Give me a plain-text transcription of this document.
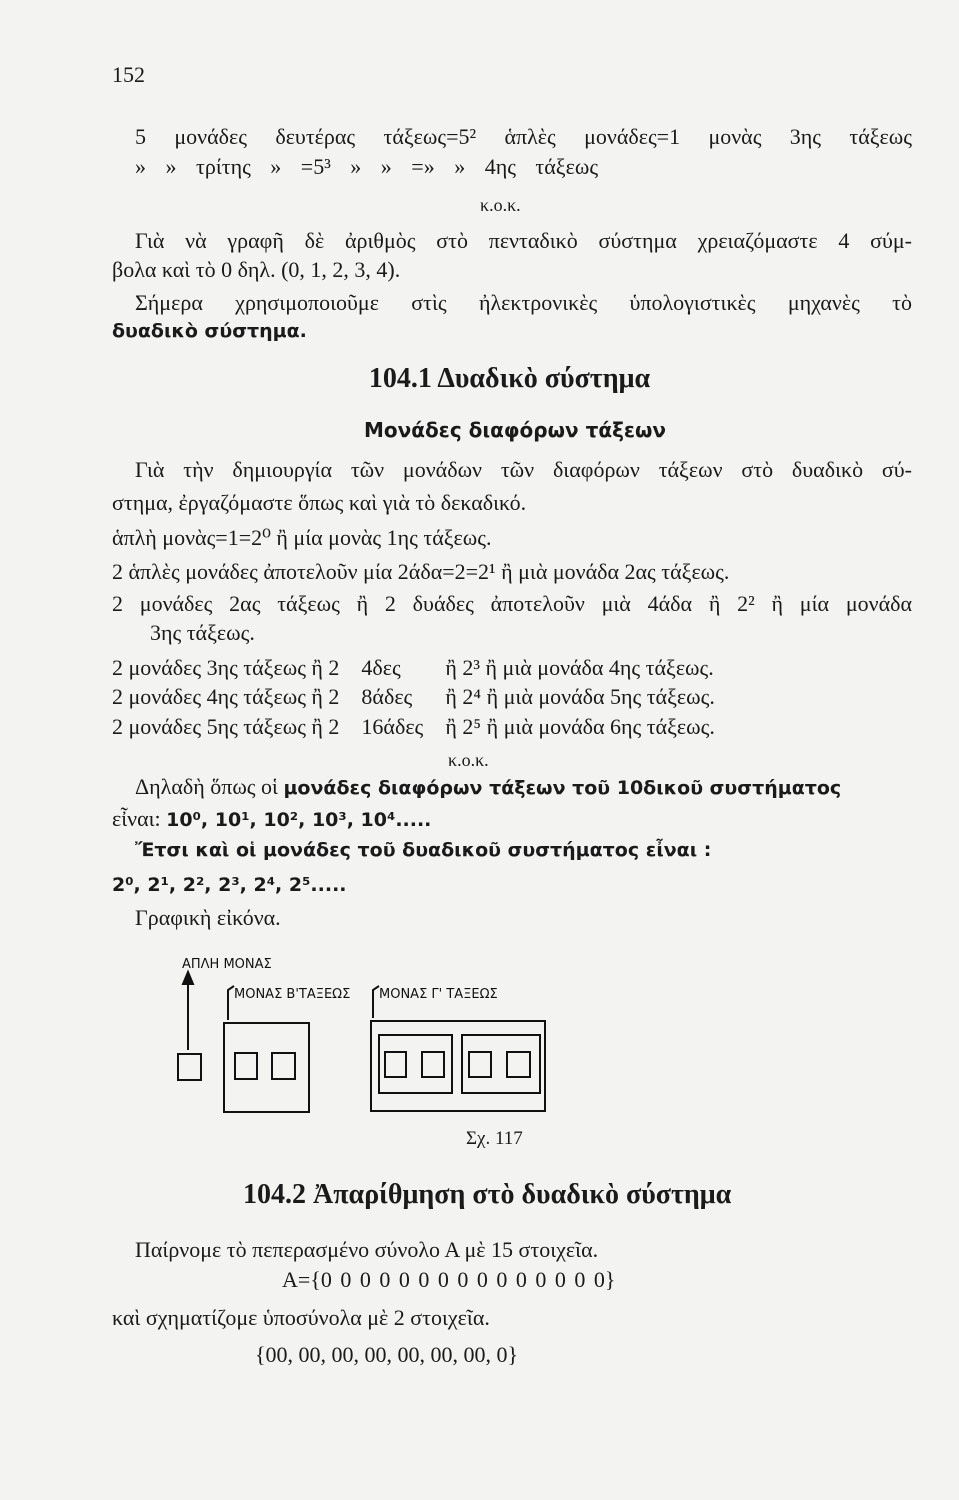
152
5 μονάδες δευτέρας τάξεως=5² ἁπλὲς μονάδες=1 μονὰς 3ης τάξεως
» » τρίτης » =5³ » » =» » 4ης τάξεως
κ.ο.κ.
Γιὰ νὰ γραφῆ δὲ ἀριθμὸς στὸ πενταδικὸ σύστημα χρειαζόμαστε 4 σύμ-
βολα καὶ τὸ 0 δηλ. (0, 1, 2, 3, 4).
Σήμερα χρησιμοποιοῦμε στὶς ἠλεκτρονικὲς ὑπολογιστικὲς μηχανὲς τὸ
δυαδικὸ σύστημα.
104.1 Δυαδικὸ σύστημα
Μονάδες διαφόρων τάξεων
Γιὰ τὴν δημιουργία τῶν μονάδων τῶν διαφόρων τάξεων στὸ δυαδικὸ σύ-
στημα, ἐργαζόμαστε ὅπως καὶ γιὰ τὸ δεκαδικό.
ἁπλὴ μονὰς=1=2⁰ ἢ μία μονὰς 1ης τάξεως.
2 ἁπλὲς μονάδες ἀποτελοῦν μία 2άδα=2=2¹ ἢ μιὰ μονάδα 2ας τάξεως.
2 μονάδες 2ας τάξεως ἢ 2 δυάδες ἀποτελοῦν μιὰ 4άδα ἢ 2² ἢ μία μονάδα
3ης τάξεως.
2 μονάδες 3ης τάξεως ἢ 2 4δες	ἢ 2³ ἢ μιὰ μονάδα 4ης τάξεως.
2 μονάδες 4ης τάξεως ἢ 2 8άδες	ἢ 2⁴ ἢ μιὰ μονάδα 5ης τάξεως.
2 μονάδες 5ης τάξεως ἢ 2 16άδες	ἢ 2⁵ ἢ μιὰ μονάδα 6ης τάξεως.
κ.ο.κ.
Δηλαδὴ ὅπως οἱ μονάδες διαφόρων τάξεων τοῦ 10δικοῦ συστήματος
εἶναι: 10⁰, 10¹, 10², 10³, 10⁴.....
Ἔτσι καὶ οἱ μονάδες τοῦ δυαδικοῦ συστήματος εἶναι :
2⁰, 2¹, 2², 2³, 2⁴, 2⁵.....
Γραφικὴ εἰκόνα.
ΑΠΛΗ ΜΟΝΑΣ
ΜΟΝΑΣ Β'ΤΑΞΕΩΣ ΜΟΝΑΣ Γ' ΤΑΞΕΩΣ
Σχ. 117
104.2 Ἀπαρίθμηση στὸ δυαδικὸ σύστημα
Παίρνομε τὸ πεπερασμένο σύνολο Α μὲ 15 στοιχεῖα.
Α={0 0 0 0 0 0 0 0 0 0 0 0 0 0 0}
καὶ σχηματίζομε ὑποσύνολα μὲ 2 στοιχεῖα.
{00, 00, 00, 00, 00, 00, 00, 0}
